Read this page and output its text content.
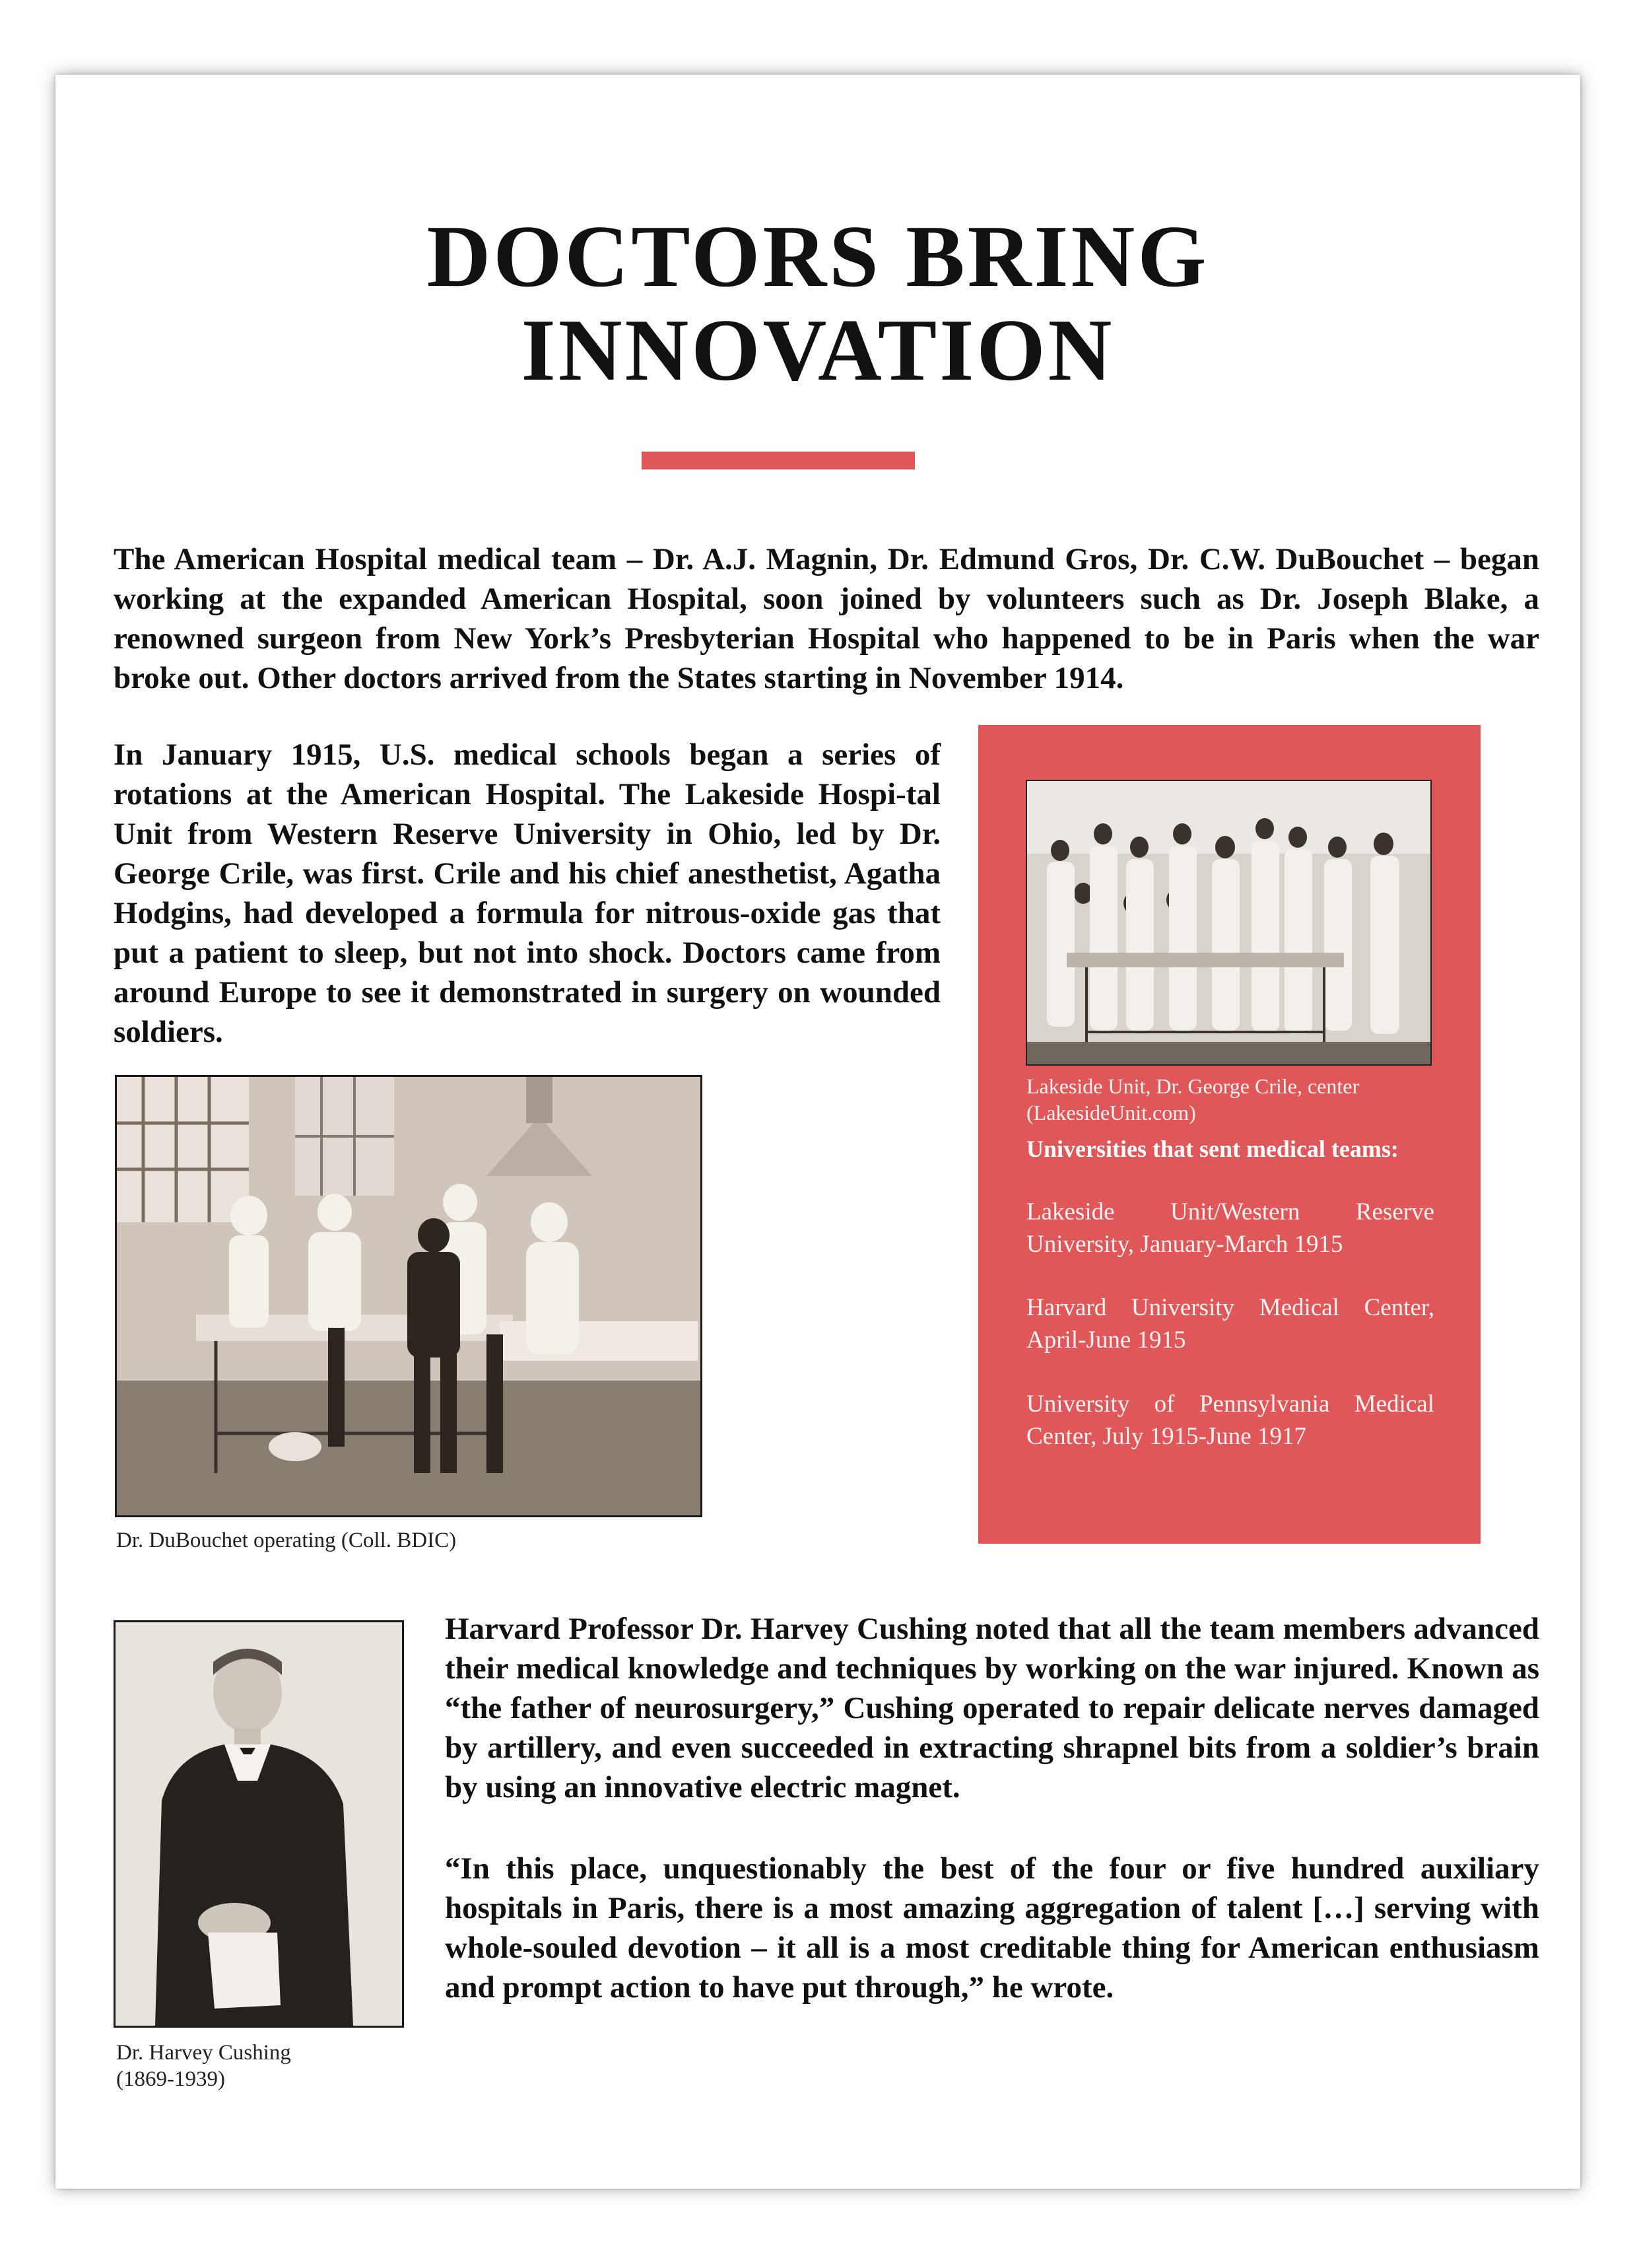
DOCTORS BRING
INNOVATION
The American Hospital medical team – Dr. A.J. Magnin, Dr. Edmund Gros, Dr. C.W. DuBouchet – began working at the expanded American Hospital, soon joined by volunteers such as Dr. Joseph Blake, a renowned surgeon from New York’s Presbyterian Hospital who happened to be in Paris when the war broke out. Other doctors arrived from the States starting in November 1914.
In January 1915, U.S. medical schools began a series of rotations at the American Hospital. The Lakeside Hospi-tal Unit from Western Reserve University in Ohio, led by Dr. George Crile, was first. Crile and his chief anesthetist, Agatha Hodgins, had developed a formula for nitrous-oxide gas that put a patient to sleep, but not into shock. Doctors came from around Europe to see it demonstrated in surgery on wounded soldiers.
Dr. DuBouchet operating (Coll. BDIC)
Lakeside Unit, Dr. George Crile, center
(LakesideUnit.com)
Universities that sent medical teams:
Lakeside Unit/Western Reserve University, January-March 1915
Harvard University Medical Center, April-June 1915
University of Pennsylvania Medical Center, July 1915-June 1917
Dr. Harvey Cushing
(1869-1939)
Harvard Professor Dr. Harvey Cushing noted that all the team members advanced their medical knowledge and techniques by working on the war injured. Known as “the father of neurosurgery,” Cushing operated to repair delicate nerves damaged by artillery, and even succeeded in extracting shrapnel bits from a soldier’s brain by using an innovative electric magnet.
“In this place, unquestionably the best of the four or five hundred auxiliary hospitals in Paris, there is a most amazing aggregation of talent […] serving with whole-souled devotion – it all is a most creditable thing for American enthusiasm and prompt action to have put through,” he wrote.
